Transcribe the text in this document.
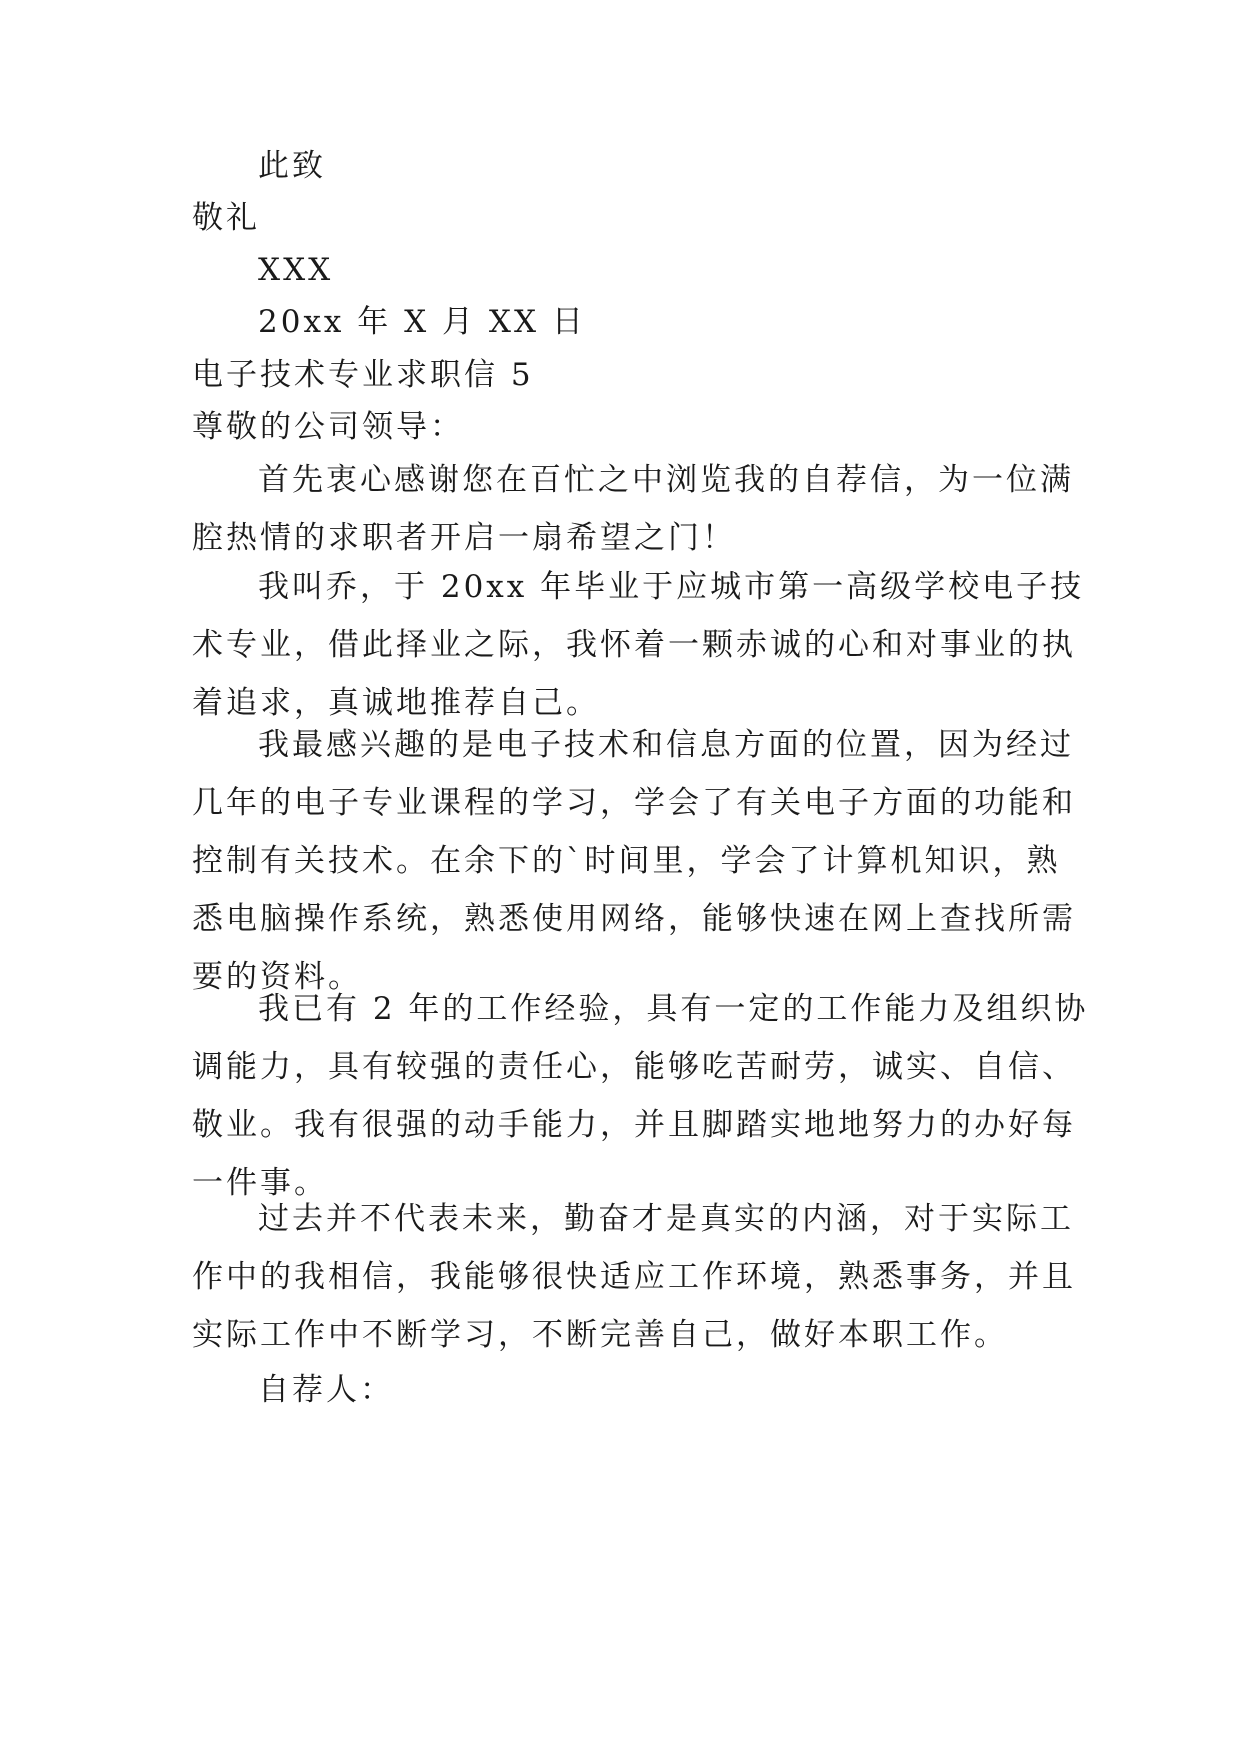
此致
敬礼
XXX
20xx 年 X 月 XX 日
电子技术专业求职信 5
尊敬的公司领导：
首先衷心感谢您在百忙之中浏览我的自荐信，为一位满
腔热情的求职者开启一扇希望之门！
我叫乔，于 20xx 年毕业于应城市第一高级学校电子技
术专业，借此择业之际，我怀着一颗赤诚的心和对事业的执
着追求，真诚地推荐自己。
我最感兴趣的是电子技术和信息方面的位置，因为经过
几年的电子专业课程的学习，学会了有关电子方面的功能和
控制有关技术。在余下的`时间里，学会了计算机知识，熟
悉电脑操作系统，熟悉使用网络，能够快速在网上查找所需
要的资料。
我已有 2 年的工作经验，具有一定的工作能力及组织协
调能力，具有较强的责任心，能够吃苦耐劳，诚实、自信、
敬业。我有很强的动手能力，并且脚踏实地地努力的办好每
一件事。
过去并不代表未来，勤奋才是真实的内涵，对于实际工
作中的我相信，我能够很快适应工作环境，熟悉事务，并且
实际工作中不断学习，不断完善自己，做好本职工作。
自荐人：
